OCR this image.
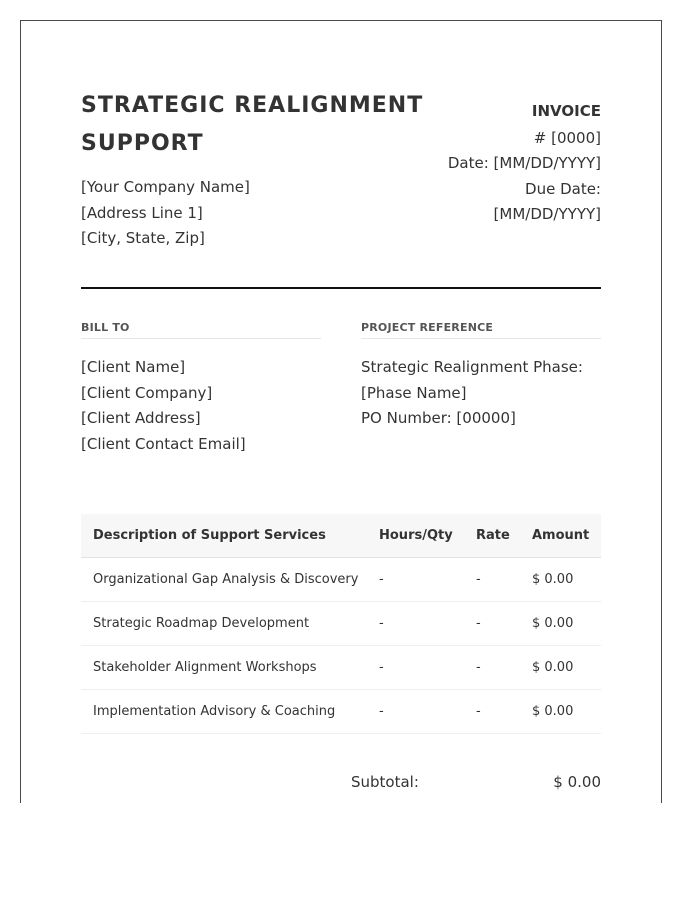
STRATEGIC REALIGNMENT SUPPORT
[Your Company Name]
[Address Line 1]
[City, State, Zip]
INVOICE
# [0000]
Date: [MM/DD/YYYY]
Due Date:
[MM/DD/YYYY]
BILL TO
[Client Name]
[Client Company]
[Client Address]
[Client Contact Email]
PROJECT REFERENCE
Strategic Realignment Phase:
[Phase Name]
PO Number: [00000]
Description of Support Services	Hours/Qty	Rate	Amount
Organizational Gap Analysis & Discovery	-	-	$ 0.00
Strategic Roadmap Development	-	-	$ 0.00
Stakeholder Alignment Workshops	-	-	$ 0.00
Implementation Advisory & Coaching	-	-	$ 0.00
Subtotal:	$ 0.00
